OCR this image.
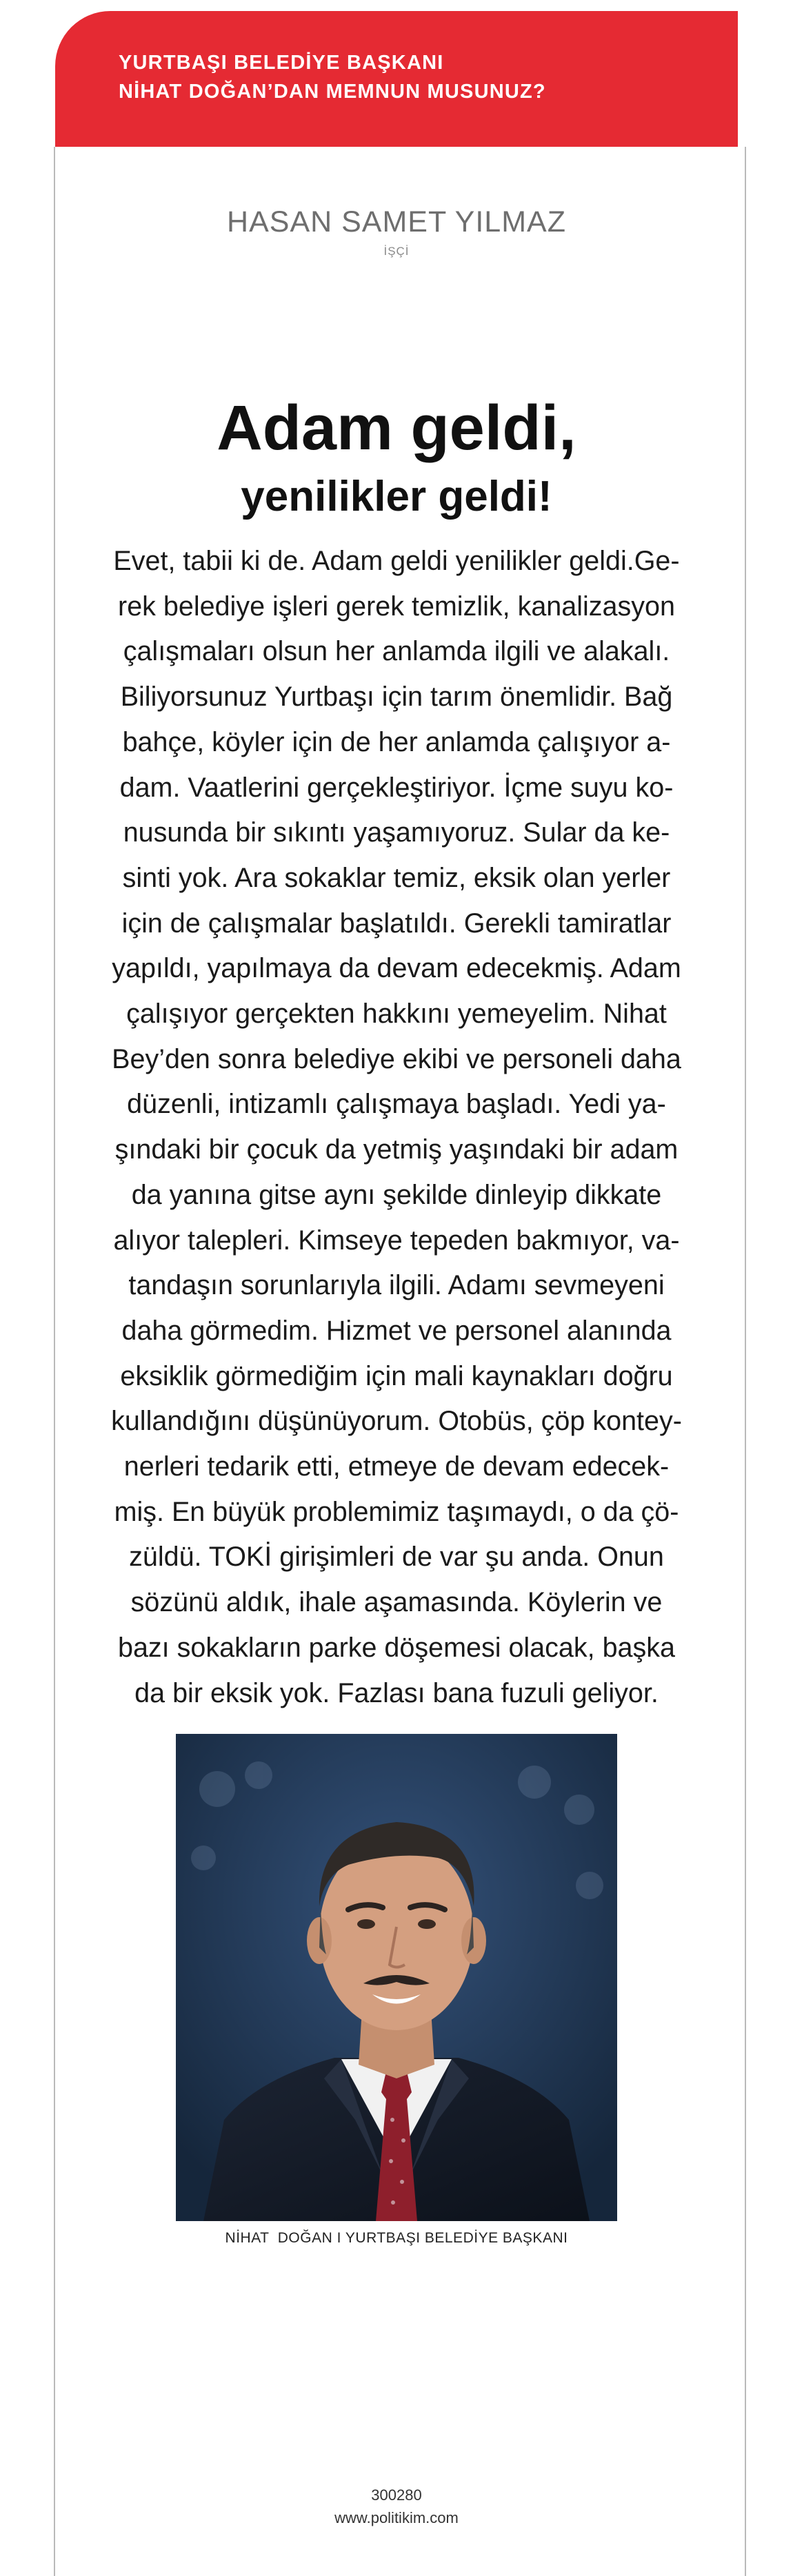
YURTBAŞI BELEDİYE BAŞKANI
NİHAT DOĞAN’DAN MEMNUN MUSUNUZ?
HASAN SAMET YILMAZ
İŞÇİ
Adam geldi,
yenilikler geldi!

Evet, tabii ki de. Adam geldi yenilikler geldi.Ge-
rek belediye işleri gerek temizlik, kanalizasyon
çalışmaları olsun her anlamda ilgili ve alakalı.
Biliyorsunuz Yurtbaşı için tarım önemlidir. Bağ
bahçe, köyler için de her anlamda çalışıyor a-
dam. Vaatlerini gerçekleştiriyor. İçme suyu ko-
nusunda bir sıkıntı yaşamıyoruz. Sular da ke-
sinti yok. Ara sokaklar temiz, eksik olan yerler
için de çalışmalar başlatıldı. Gerekli tamiratlar
yapıldı, yapılmaya da devam edecekmiş. Adam
çalışıyor gerçekten hakkını yemeyelim. Nihat
Bey’den sonra belediye ekibi ve personeli daha
düzenli, intizamlı çalışmaya başladı. Yedi ya-
şındaki bir çocuk da yetmiş yaşındaki bir adam
da yanına gitse aynı şekilde dinleyip dikkate
alıyor talepleri. Kimseye tepeden bakmıyor, va-
tandaşın sorunlarıyla ilgili. Adamı sevmeyeni
daha görmedim. Hizmet ve personel alanında
eksiklik görmediğim için mali kaynakları doğru
kullandığını düşünüyorum. Otobüs, çöp kontey-
nerleri tedarik etti, etmeye de devam edecek-
miş. En büyük problemimiz taşımaydı, o da çö-
züldü. TOKİ girişimleri de var şu anda. Onun
sözünü aldık, ihale aşamasında. Köylerin ve
bazı sokakların parke döşemesi olacak, başka
da bir eksik yok. Fazlası bana fuzuli geliyor.

NİHAT  DOĞAN I YURTBAŞI BELEDİYE BAŞKANI
300280
www.politikim.com
